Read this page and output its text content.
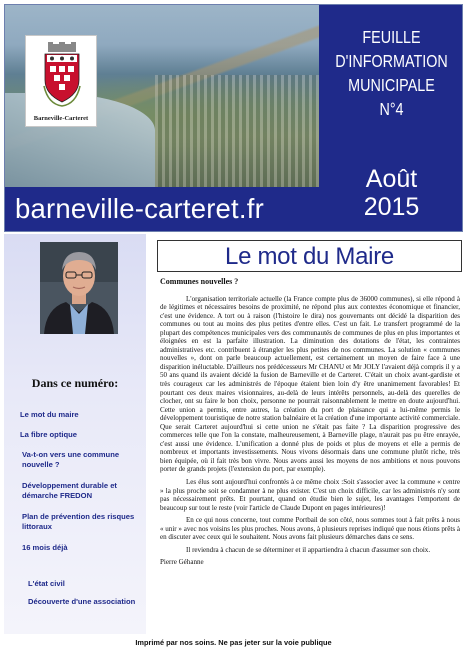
Barneville-Carteret
FEUILLE
D'INFORMATION
MUNICIPALE
N°4
barneville-carteret.fr
Août
2015
Dans ce numéro:
Le mot du maire
La fibre optique
Va-t-on vers une commune nouvelle ?
Développement durable et démarche FREDON
Plan de prévention des risques littoraux
16 mois déjà
L'état civil
Découverte d'une association
Le mot du Maire
Communes nouvelles ?

L'organisation territoriale actuelle (la France compte plus de 36000 communes), si elle répond à de légitimes et nécessaires besoins de proximité, ne répond plus aux contextes économique et financier, c'est une évidence. A tort ou à raison (l'histoire le dira) nos gouvernants ont décidé la disparition des communes ou tout au moins des plus petites d'entre elles. C'est un fait. Le transfert programmé de la plupart des compétences municipales vers des communautés de communes de plus en plus importantes et éloignées en est la parfaite illustration. La diminution des dotations de l'état, les contraintes administratives etc. contribuent à étrangler les plus petites de nos communes. La solution « communes nouvelles », dont on parle beaucoup actuellement, est certainement un moyen de faire face à une disparition inéluctable. D'ailleurs nos prédécesseurs Mr CHANU et Mr JOLY l'avaient déjà compris il y a 50 ans quand ils avaient décidé la fusion de Barneville et de Carteret. C'était un choix avant-gardiste et très courageux car les administrés de l'époque étaient bien loin d'y être unanimement favorables! Et pourtant ces deux maires visionnaires, au-delà de leurs intérêts personnels, au-delà des querelles de clocher, ont su faire le bon choix, personne ne pourrait raisonnablement le mettre en doute aujourd'hui. Cette union a permis, entre autres, la création du port de plaisance qui a lui-même permis le développement touristique de notre station balnéaire et la création d'une importante activité commerciale. Que serait Carteret aujourd'hui si cette union ne s'était pas faite ? La disparition progressive des commerces telle que l'on la constate, malheureusement, à Barneville plage, n'aurait pas pu être enrayée, c'est aussi une évidence. L'unification a donné plus de poids et plus de moyens et elle a permis de nombreux et importants investissements. Nous vivons désormais dans une commune plutôt riche, très bien équipée, où il fait très bon vivre. Nous avons aussi les moyens de nos ambitions et nous pouvons porter de grands projets (l'extension du port, par exemple).

Les élus sont aujourd'hui confrontés à ce même choix :Soit s'associer avec la commune « centre » la plus proche soit se condamner à ne plus exister. C'est un choix difficile, car les administrés n'y sont pas nécessairement prêts. Et pourtant, quand on étudie bien le sujet, les avantages l'emportent de beaucoup sur tout le reste (voir l'article de Claude Dupont en pages intérieures)!

En ce qui nous concerne, tout comme Portbail de son côté, nous sommes tout à fait prêts à nous « unir » avec nos voisins les plus proches. Nous avons, à plusieurs reprises indiqué que nous étions prêts à en discuter avec ceux qui le souhaitent. Nous avons fait plusieurs démarches dans ce sens.

Il reviendra à chacun de se déterminer et il appartiendra à chacun d'assumer son choix.

Pierre Géhanne

Imprimé par nos soins. Ne pas jeter sur la voie publique
